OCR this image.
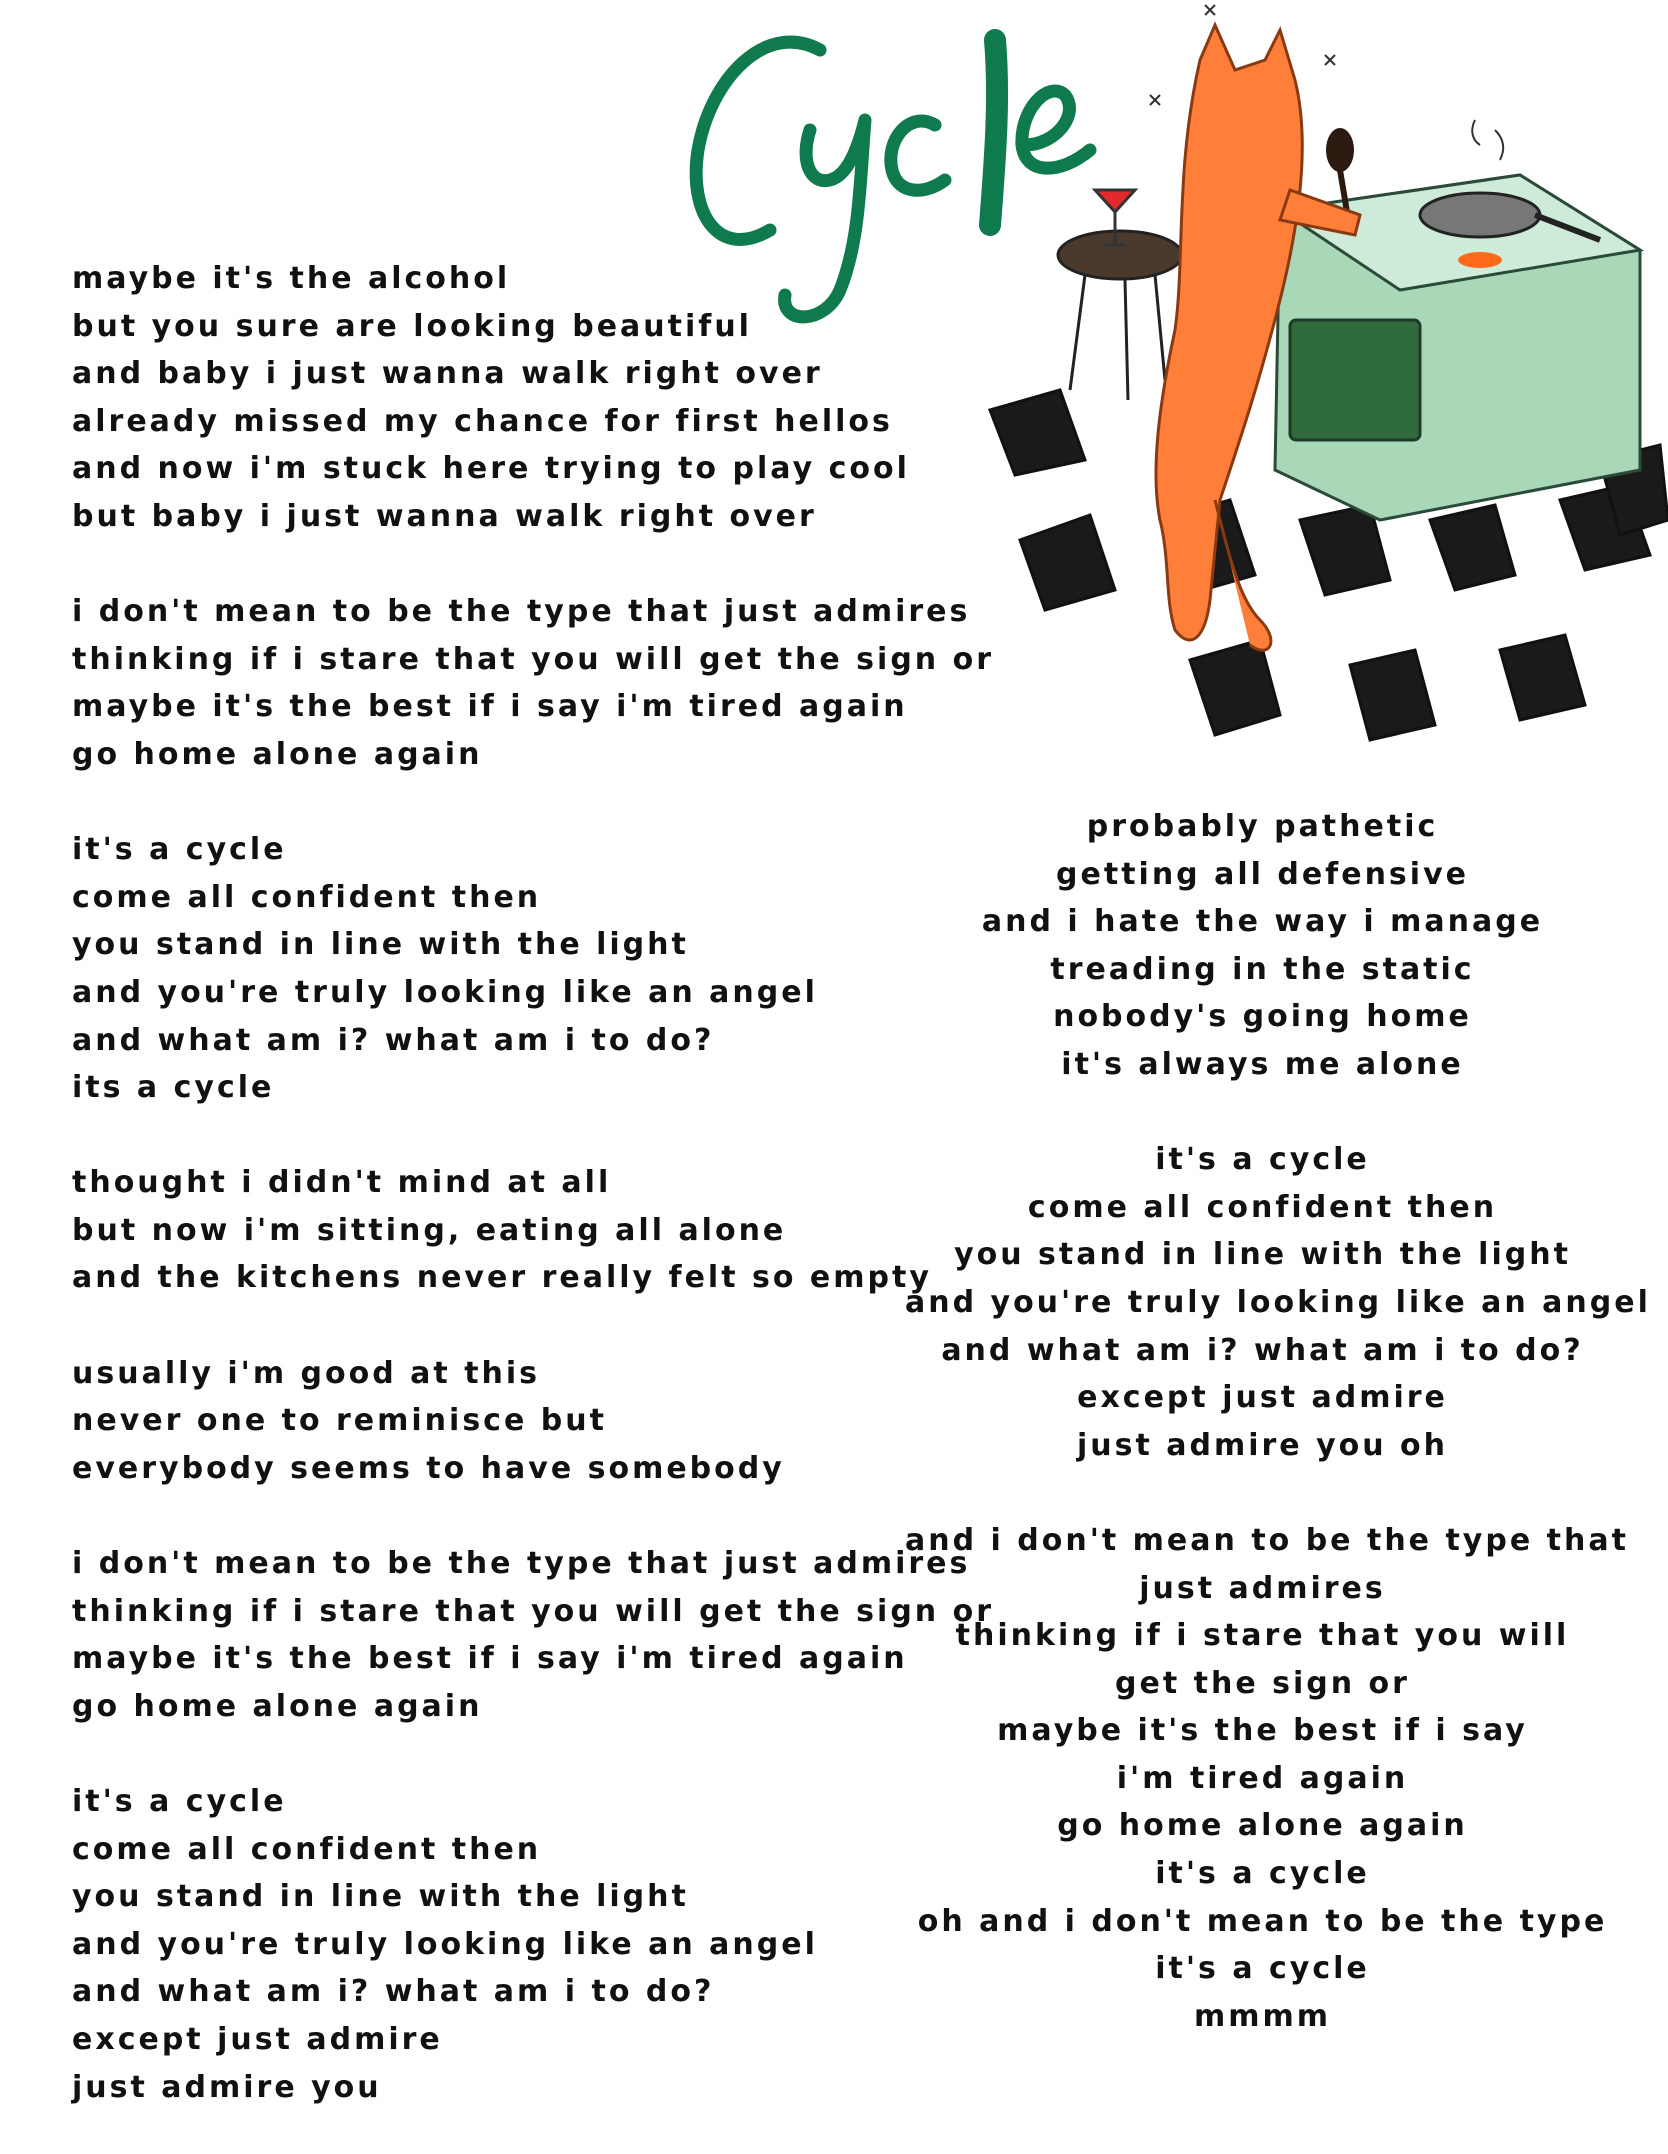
maybe it's the alcohol
but you sure are looking beautiful
and baby i just wanna walk right over
already missed my chance for first hellos
and now i'm stuck here trying to play cool
but baby i just wanna walk right over
i don't mean to be the type that just admires
thinking if i stare that you will get the sign or
maybe it's the best if i say i'm tired again
go home alone again
it's a cycle
come all confident then
you stand in line with the light
and you're truly looking like an angel
and what am i? what am i to do?
its a cycle
thought i didn't mind at all
but now i'm sitting, eating all alone
and the kitchens never really felt so empty
usually i'm good at this
never one to reminisce but
everybody seems to have somebody
i don't mean to be the type that just admires
thinking if i stare that you will get the sign or
maybe it's the best if i say i'm tired again
go home alone again
it's a cycle
come all confident then
you stand in line with the light
and you're truly looking like an angel
and what am i? what am i to do?
except just admire
just admire you
probably pathetic
getting all defensive
and i hate the way i manage
treading in the static
nobody's going home
it's always me alone
it's a cycle
come all confident then
you stand in line with the light
and you're truly looking like an angel
and what am i? what am i to do?
except just admire
just admire you oh
and i don't mean to be the type that
just admires
thinking if i stare that you will
get the sign or
maybe it's the best if i say
i'm tired again
go home alone again
it's a cycle
oh and i don't mean to be the type
it's a cycle
mmmm
